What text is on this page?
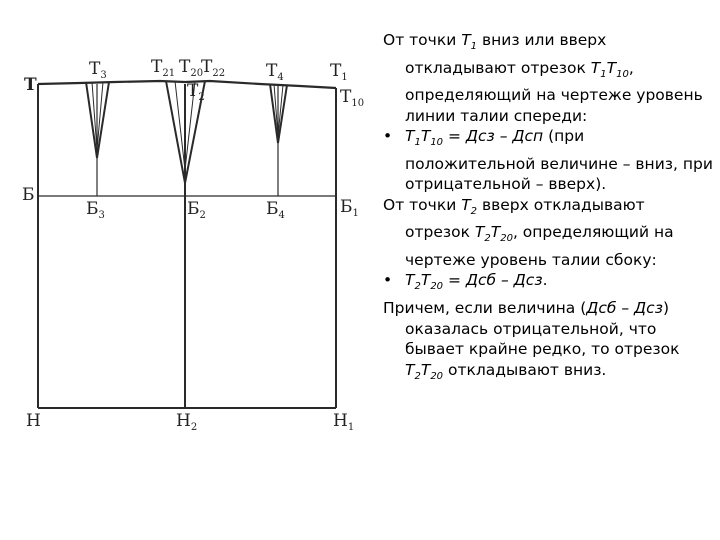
Т
$Т_3$	$Т_{21}$ $Т_{20}$
$Т_{22}$
$Т_2$
$Т_4$	$Т_1$
$Т_{10}$
Б
$Б_3$	$Б_2$	$Б_4$	$Б_1$
Н	$Н_2$	$Н_1$

От точки $Т_1$ вниз или вверх откладывают отрезок $Т_1Т_{10}$, определяющий на чертеже уровень линии талии спереди:

• $Т_1Т_{10}$ = Дсз – Дсп (при положительной величине – вниз, при отрицательной – вверх).

От точки $Т_2$ вверх откладывают отрезок $Т_2Т_{20}$, определяющий на чертеже уровень талии сбоку:

• $Т_2Т_{20}$ = Дсб – Дсз.

Причем, если величина (Дсб – Дсз) оказалась отрицательной, что бывает крайне редко, то отрезок $Т_2Т_{20}$ откладывают вниз.
